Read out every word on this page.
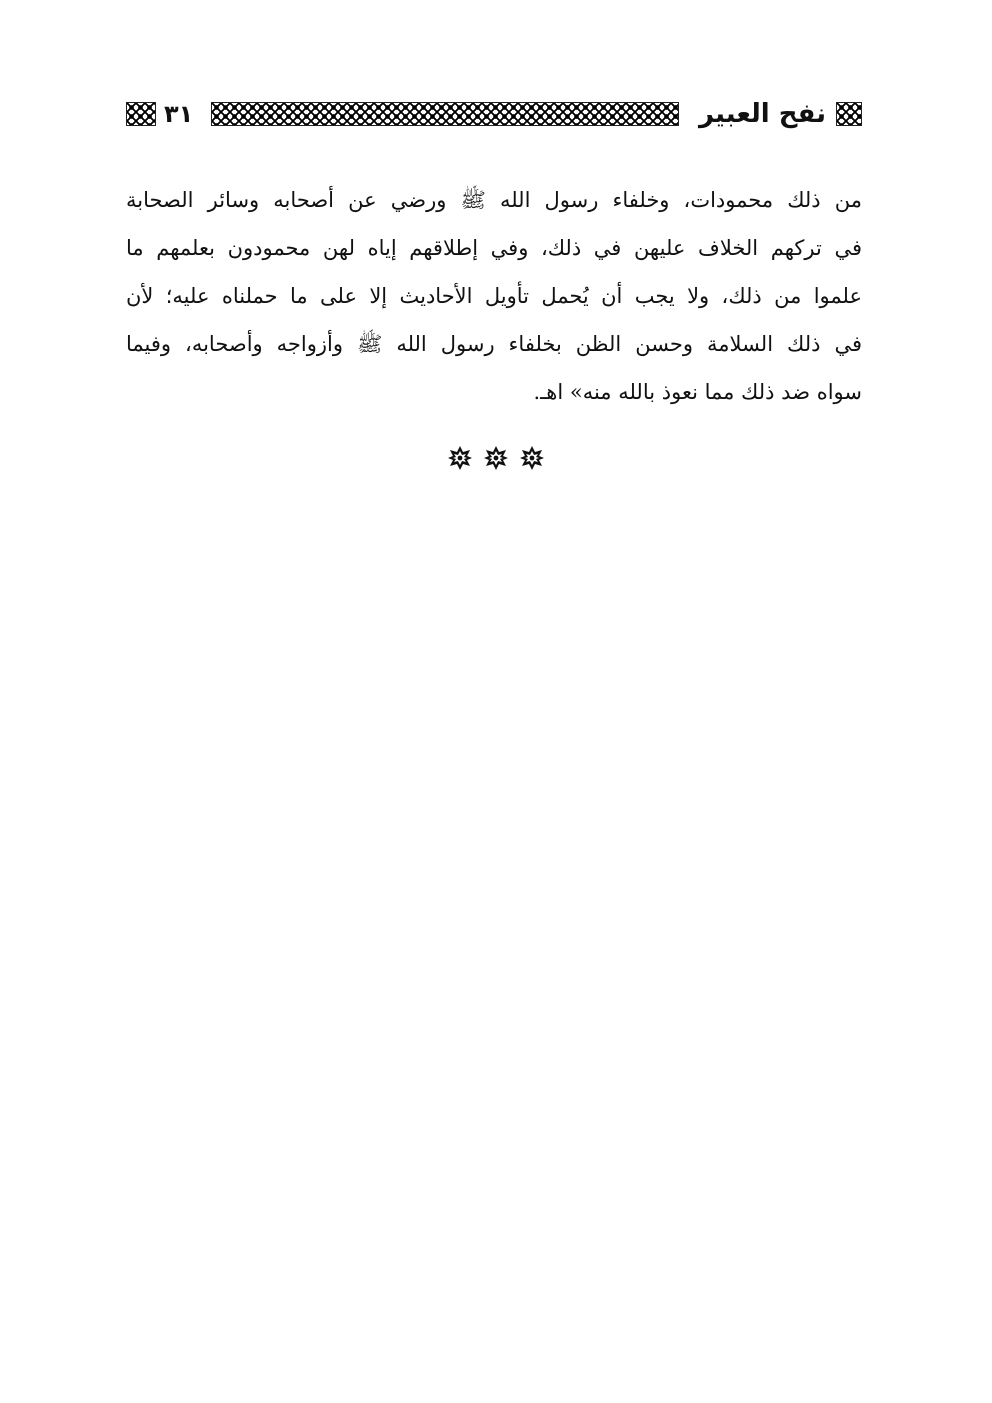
٣١	نفح العبير
من ذلك محمودات، وخلفاء رسول الله ﷺ ورضي عن أصحابه وسائر الصحابة
في تركهم الخلاف عليهن في ذلك، وفي إطلاقهم إياه لهن محمودون بعلمهم ما
علموا من ذلك، ولا يجب أن يُحمل تأويل الأحاديث إلا على ما حملناه عليه؛ لأن
في ذلك السلامة وحسن الظن بخلفاء رسول الله ﷺ وأزواجه وأصحابه، وفيما
سواه ضد ذلك مما نعوذ بالله منه» اهـ.
